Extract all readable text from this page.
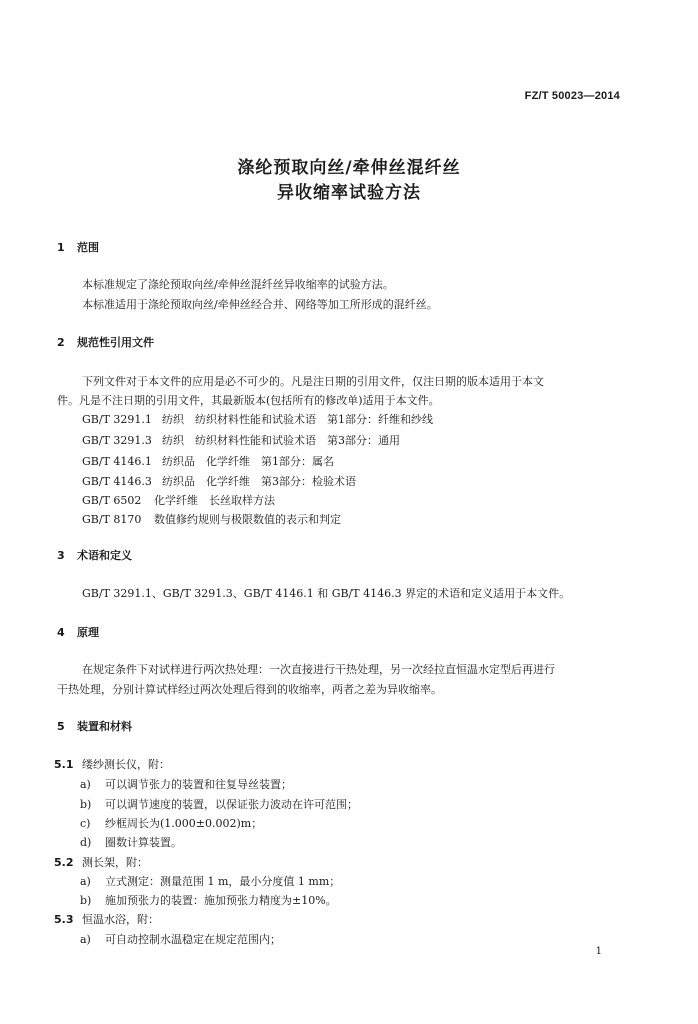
FZ/T 50023—2014
涤纶预取向丝/牵伸丝混纤丝
异收缩率试验方法
1 范围
本标准规定了涤纶预取向丝/牵伸丝混纤丝异收缩率的试验方法。
本标准适用于涤纶预取向丝/牵伸丝经合并、网络等加工所形成的混纤丝。
2 规范性引用文件
下列文件对于本文件的应用是必不可少的。凡是注日期的引用文件，仅注日期的版本适用于本文
件。凡是不注日期的引用文件，其最新版本(包括所有的修改单)适用于本文件。
GB/T 3291.1 纺织　纺织材料性能和试验术语　第1部分：纤维和纱线
GB/T 3291.3 纺织　纺织材料性能和试验术语　第3部分：通用
GB/T 4146.1 纺织品　化学纤维　第1部分：属名
GB/T 4146.3 纺织品　化学纤维　第3部分：检验术语
GB/T 6502 化学纤维　长丝取样方法
GB/T 8170 数值修约规则与极限数值的表示和判定
3 术语和定义
GB/T 3291.1、GB/T 3291.3、GB/T 4146.1 和 GB/T 4146.3 界定的术语和定义适用于本文件。
4 原理
在规定条件下对试样进行两次热处理：一次直接进行干热处理，另一次经拉直恒温水定型后再进行
干热处理，分别计算试样经过两次处理后得到的收缩率，两者之差为异收缩率。
5 装置和材料
5.1 缕纱测长仪，附：
a) 可以调节张力的装置和往复导丝装置；
b) 可以调节速度的装置，以保证张力波动在许可范围；
c) 纱框周长为(1.000±0.002)m；
d) 圈数计算装置。
5.2 测长架，附：
a) 立式测定：测量范围 1 m，最小分度值 1 mm；
b) 施加预张力的装置：施加预张力精度为±10%。
5.3 恒温水浴，附：
a) 可自动控制水温稳定在规定范围内；
1
